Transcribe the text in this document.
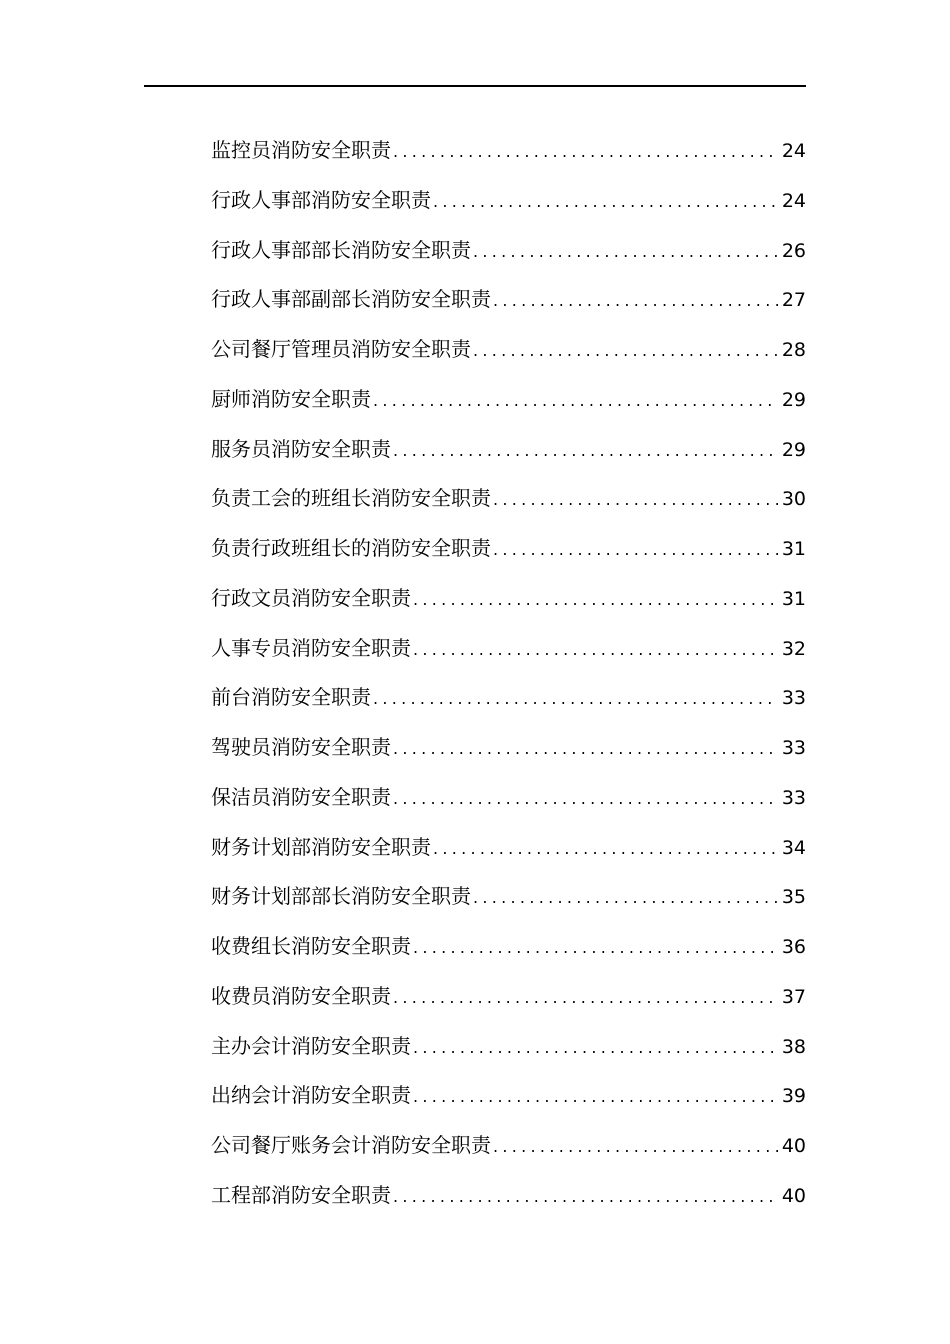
监控员消防安全职责 .....	24
行政人事部消防安全职责 .....	24
行政人事部部长消防安全职责 .....	26
行政人事部副部长消防安全职责 .....	27
公司餐厅管理员消防安全职责 .....	28
厨师消防安全职责 .....	29
服务员消防安全职责 .....	29
负责工会的班组长消防安全职责 .....	30
负责行政班组长的消防安全职责 .....	31
行政文员消防安全职责 .....	31
人事专员消防安全职责 .....	32
前台消防安全职责 .....	33
驾驶员消防安全职责 .....	33
保洁员消防安全职责 .....	33
财务计划部消防安全职责 .....	34
财务计划部部长消防安全职责 .....	35
收费组长消防安全职责 .....	36
收费员消防安全职责 .....	37
主办会计消防安全职责 .....	38
出纳会计消防安全职责 .....	39
公司餐厅账务会计消防安全职责 .....	40
工程部消防安全职责 .....	40
